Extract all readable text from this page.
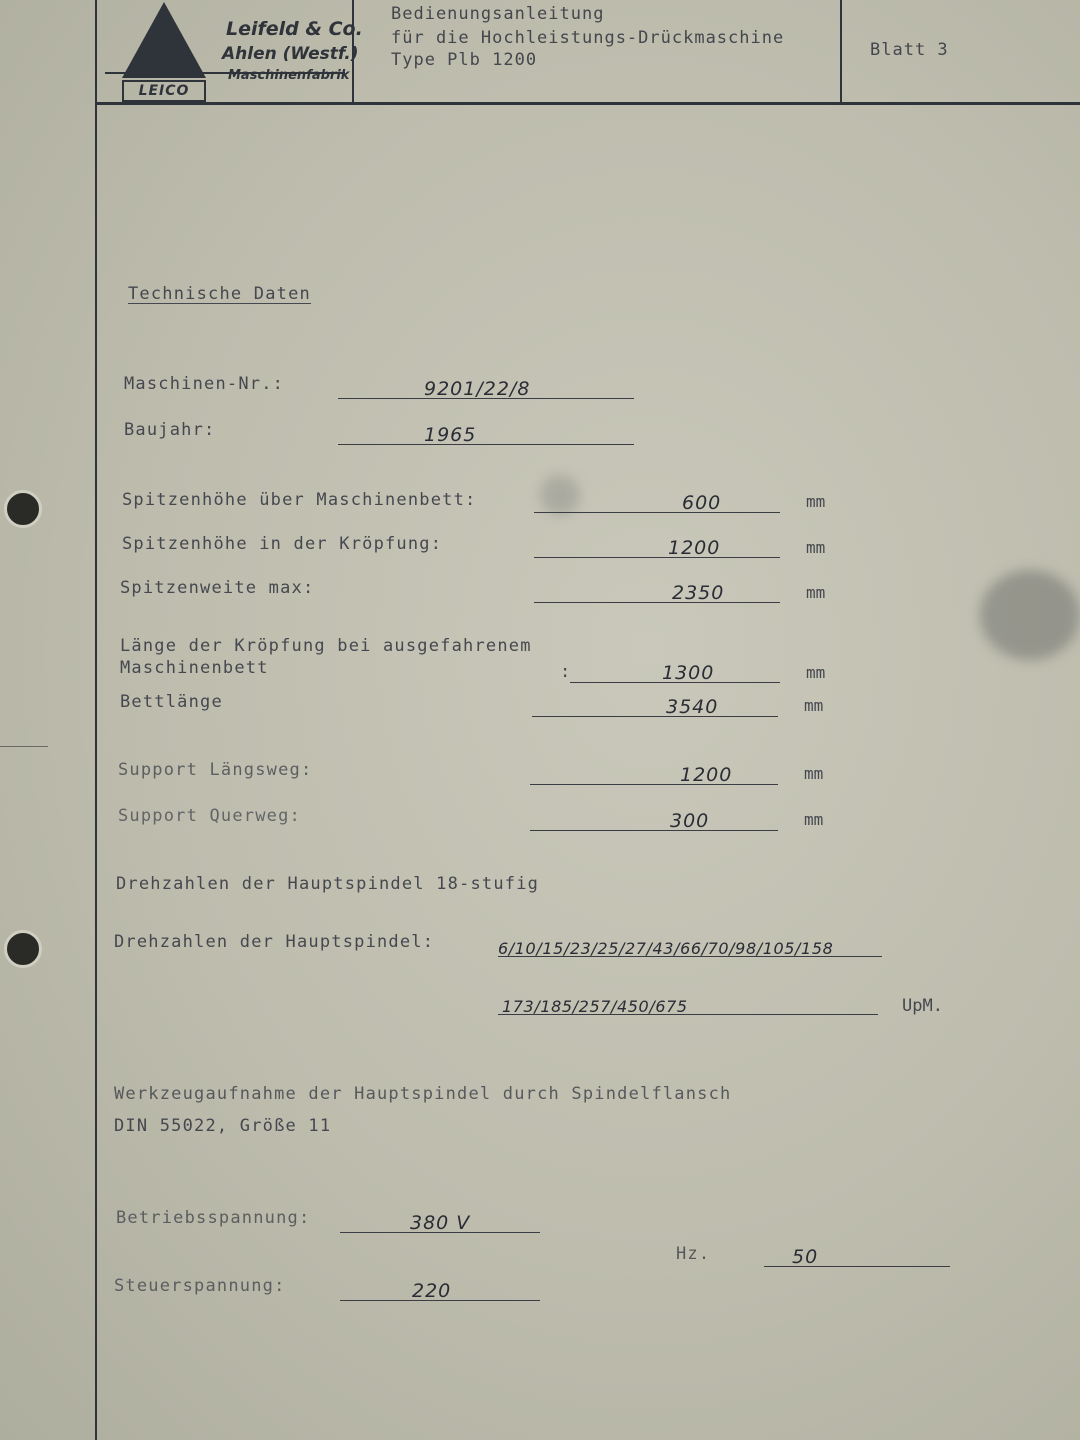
LEICO
Leifeld & Co.
Ahlen (Westf.)
Maschinenfabrik
Bedienungsanleitung
für die Hochleistungs-Drückmaschine
Type Plb 1200	Blatt 3
Technische Daten
Maschinen-Nr.:	9201/22/8
Baujahr:	1965
Spitzenhöhe über Maschinenbett:	600	mm
Spitzenhöhe in der Kröpfung:	1200	mm
Spitzenweite max:	2350	mm
Länge der Kröpfung bei ausgefahrenem
Maschinenbett	:	1300	mm
Bettlänge	3540	mm
Support Längsweg:	1200	mm
Support Querweg:	300	mm
Drehzahlen der Hauptspindel 18-stufig
Drehzahlen der Hauptspindel:	6/10/15/23/25/27/43/66/70/98/105/158
173/185/257/450/675	UpM.
Werkzeugaufnahme der Hauptspindel durch Spindelflansch
DIN 55022, Größe 11
Betriebsspannung:	380 V
Hz.	50
Steuerspannung:	220
